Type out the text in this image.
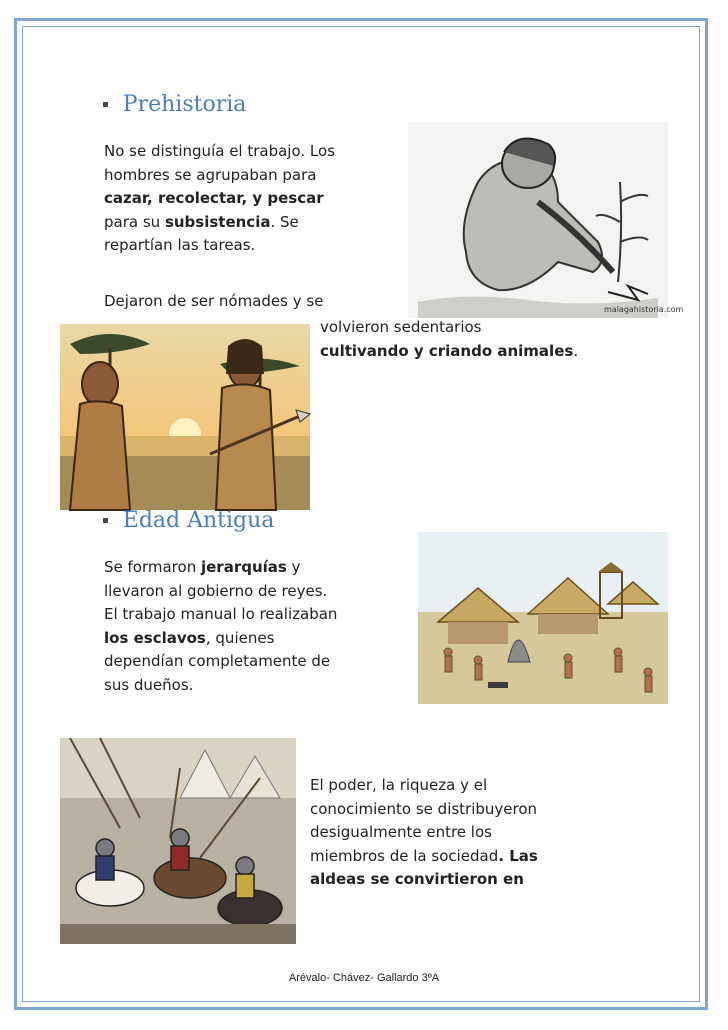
▪ Prehistoria
No se distinguía el trabajo. Los
hombres se agrupaban para
cazar, recolectar, y pescar
para su subsistencia. Se
repartían las tareas.
malagahistoria.com
Dejaron de ser nómades y se
volvieron sedentarios
cultivando y criando animales.
▪ Edad Antigua
Se formaron jerarquías y
llevaron al gobierno de reyes.
El trabajo manual lo realizaban
los esclavos, quienes
dependían completamente de
sus dueños.
El poder, la riqueza y el
conocimiento se distribuyeron
desigualmente entre los
miembros de la sociedad. Las
aldeas se convirtieron en
Arévalo- Chávez- Gallardo 3ºA
